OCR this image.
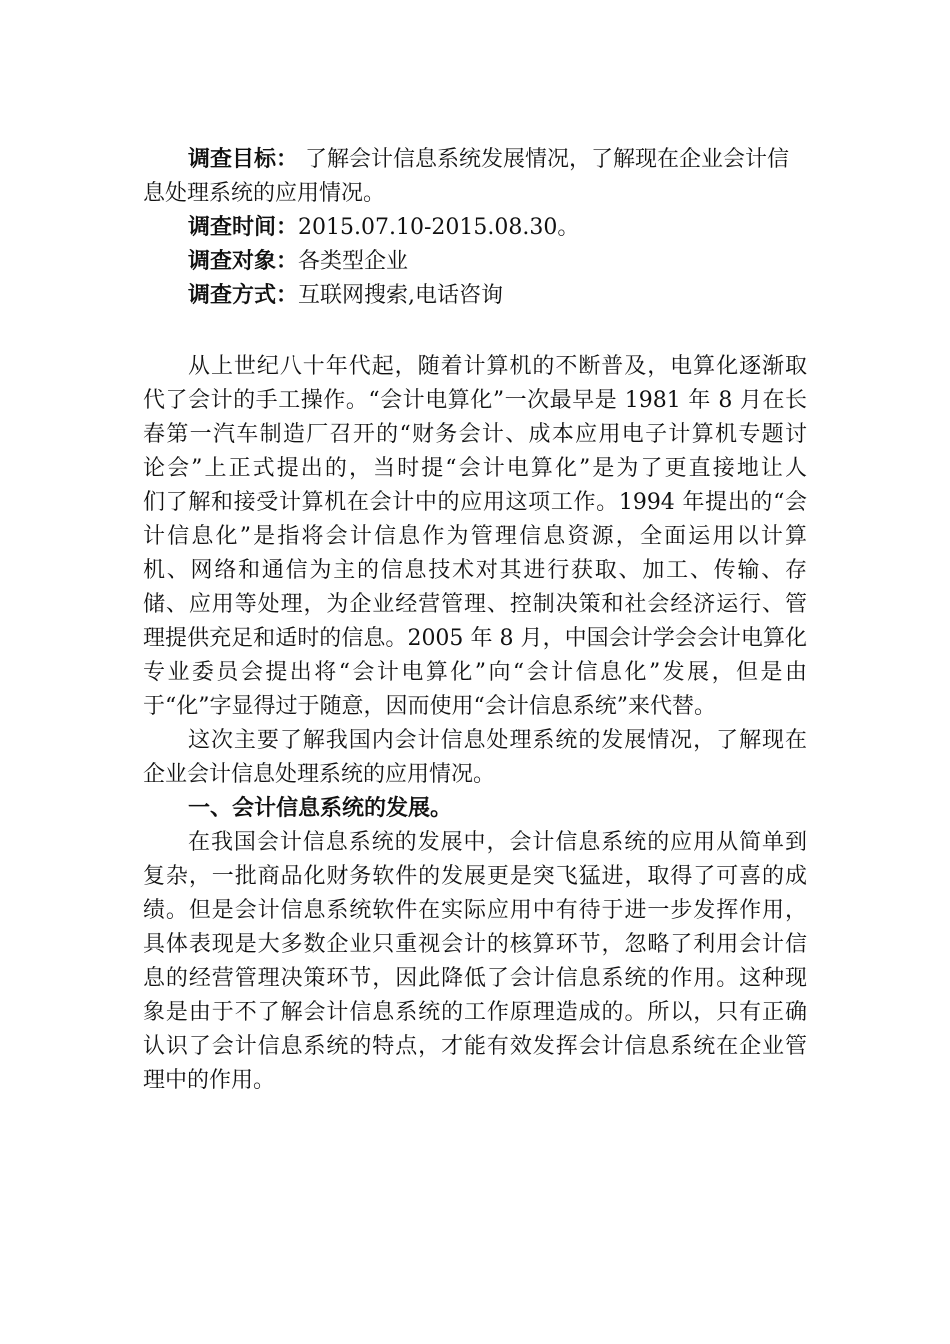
调查目标： 了解会计信息系统发展情况，了解现在企业会计信
息处理系统的应用情况。
调查时间：2015.07.10-2015.08.30。
调查对象：各类型企业
调查方式：互联网搜索,电话咨询
从上世纪八十年代起，随着计算机的不断普及，电算化逐渐取
代了会计的手工操作。“会计电算化”一次最早是 1981 年 8 月在长
春第一汽车制造厂召开的“财务会计、成本应用电子计算机专题讨
论会”上正式提出的，当时提“会计电算化”是为了更直接地让人
们了解和接受计算机在会计中的应用这项工作。1994 年提出的“会
计信息化”是指将会计信息作为管理信息资源，全面运用以计算
机、网络和通信为主的信息技术对其进行获取、加工、传输、存
储、应用等处理，为企业经营管理、控制决策和社会经济运行、管
理提供充足和适时的信息。2005 年 8 月，中国会计学会会计电算化
专业委员会提出将“会计电算化”向“会计信息化”发展，但是由
于“化”字显得过于随意，因而使用“会计信息系统”来代替。
这次主要了解我国内会计信息处理系统的发展情况，了解现在
企业会计信息处理系统的应用情况。
一、会计信息系统的发展。
在我国会计信息系统的发展中，会计信息系统的应用从简单到
复杂，一批商品化财务软件的发展更是突飞猛进，取得了可喜的成
绩。但是会计信息系统软件在实际应用中有待于进一步发挥作用，
具体表现是大多数企业只重视会计的核算环节，忽略了利用会计信
息的经营管理决策环节，因此降低了会计信息系统的作用。这种现
象是由于不了解会计信息系统的工作原理造成的。所以，只有正确
认识了会计信息系统的特点，才能有效发挥会计信息系统在企业管
理中的作用。
